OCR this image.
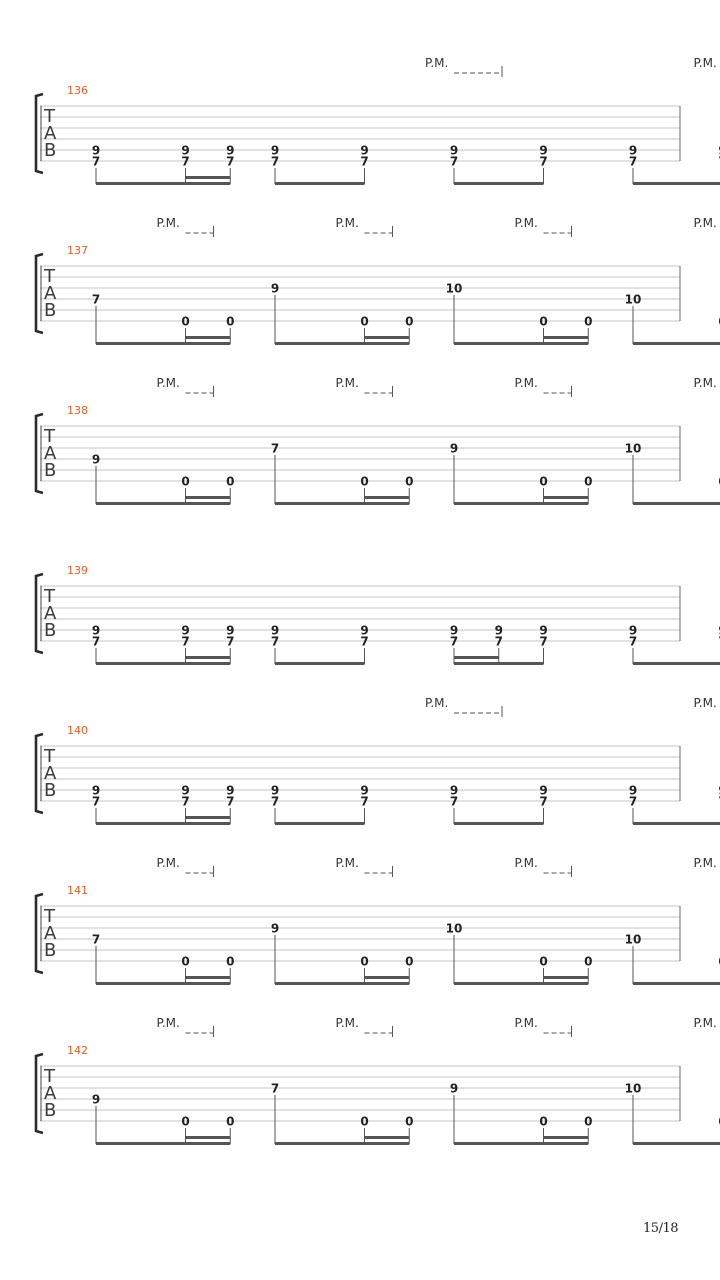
136
T
A
B
P.M.	P.M.
9
7
9
7
9
7
9
7
9
7
9
7
9
7
9
7
137
T
A
B
P.M.	P.M.	P.M.	P.M.
7
0	0
9
0	0
10
0	0
10
138
T
A
B
P.M.	P.M.	P.M.	P.M.
9
0	0
7
0	0
9
0	0
10
139
T
A
B	9
7
9
7
9
7
9
7
9
7
9
7
9
7
9
7
9
7
140
T
A
B
P.M.	P.M.
9
7
9
7
9
7
9
7
9
7
9
7
9
7
9
7
141
T
A
B
P.M.	P.M.	P.M.	P.M.
7
0	0
9
0	0
10
0	0
10
142
T
A
B
P.M.	P.M.	P.M.	P.M.
9
0	0
7
0	0
9
0	0
10
15/18
